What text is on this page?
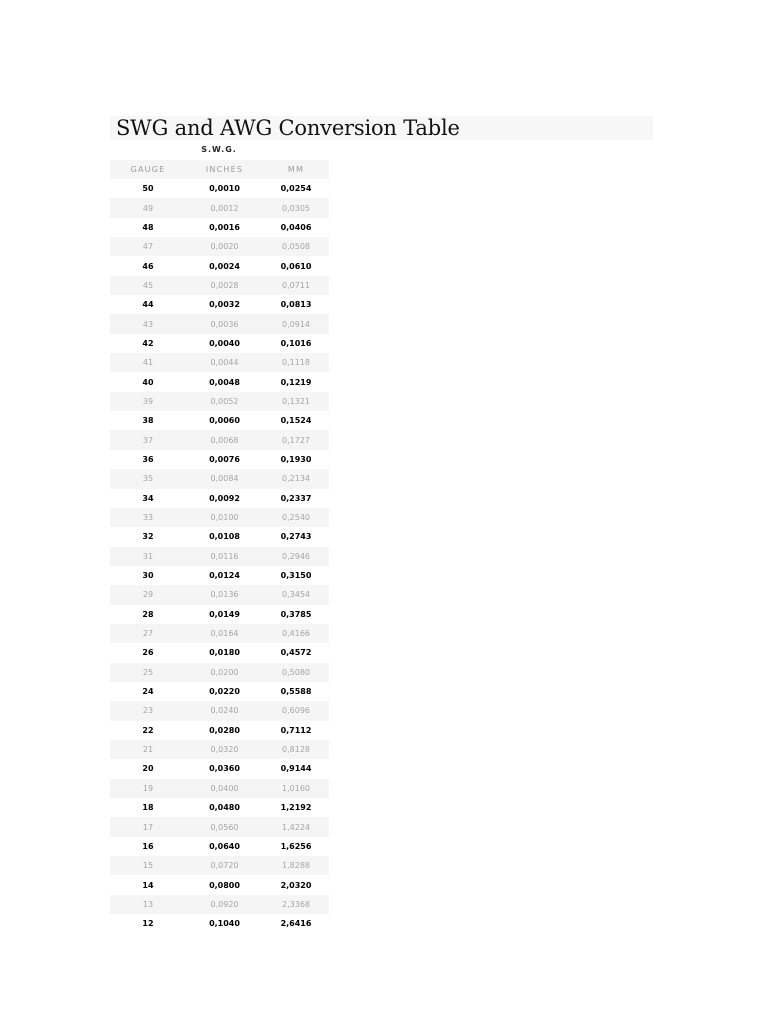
SWG and AWG Conversion Table
S.W.G.
GAUGE	INCHES	MM
50	0,0010	0,0254
49	0,0012	0,0305
48	0,0016	0,0406
47	0,0020	0,0508
46	0,0024	0,0610
45	0,0028	0,0711
44	0,0032	0,0813
43	0,0036	0,0914
42	0,0040	0,1016
41	0,0044	0,1118
40	0,0048	0,1219
39	0,0052	0,1321
38	0,0060	0,1524
37	0,0068	0,1727
36	0,0076	0,1930
35	0,0084	0,2134
34	0,0092	0,2337
33	0,0100	0,2540
32	0,0108	0,2743
31	0,0116	0,2946
30	0,0124	0,3150
29	0,0136	0,3454
28	0,0149	0,3785
27	0,0164	0,4166
26	0,0180	0,4572
25	0,0200	0,5080
24	0,0220	0,5588
23	0,0240	0,6096
22	0,0280	0,7112
21	0,0320	0,8128
20	0,0360	0,9144
19	0,0400	1,0160
18	0,0480	1,2192
17	0,0560	1,4224
16	0,0640	1,6256
15	0,0720	1,8288
14	0,0800	2,0320
13	0,0920	2,3368
12	0,1040	2,6416
